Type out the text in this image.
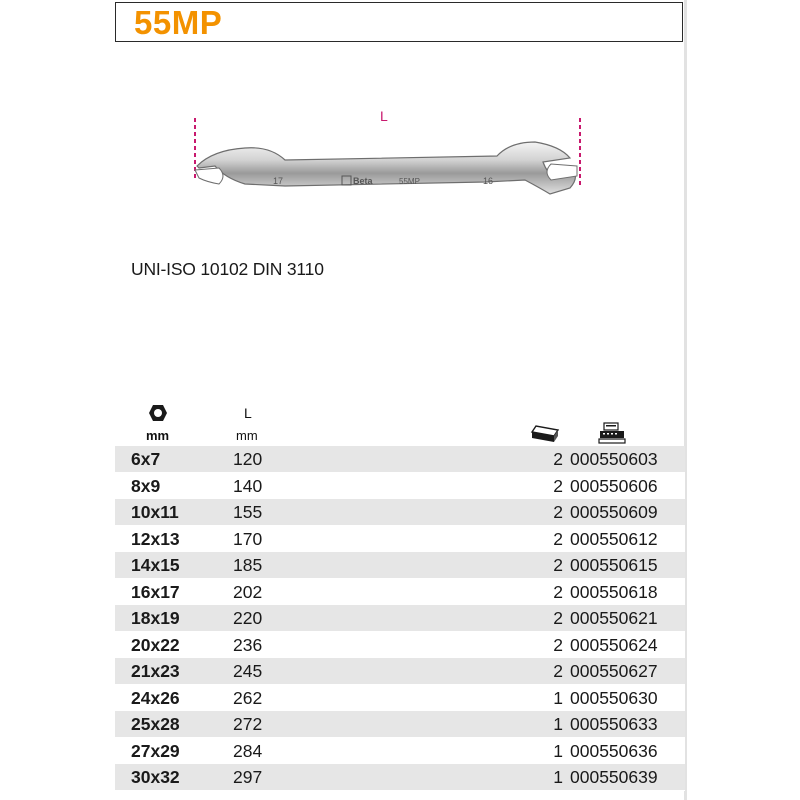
55MP
17	Beta	55MP	16
L
UNI-ISO 10102 DIN 3110
mm
L
mm
6x7	120	2 000550603
8x9	140	2 000550606
10x11	155	2 000550609
12x13	170	2 000550612
14x15	185	2 000550615
16x17	202	2 000550618
18x19	220	2 000550621
20x22	236	2 000550624
21x23	245	2 000550627
24x26	262	1 000550630
25x28	272	1 000550633
27x29	284	1 000550636
30x32	297	1 000550639
